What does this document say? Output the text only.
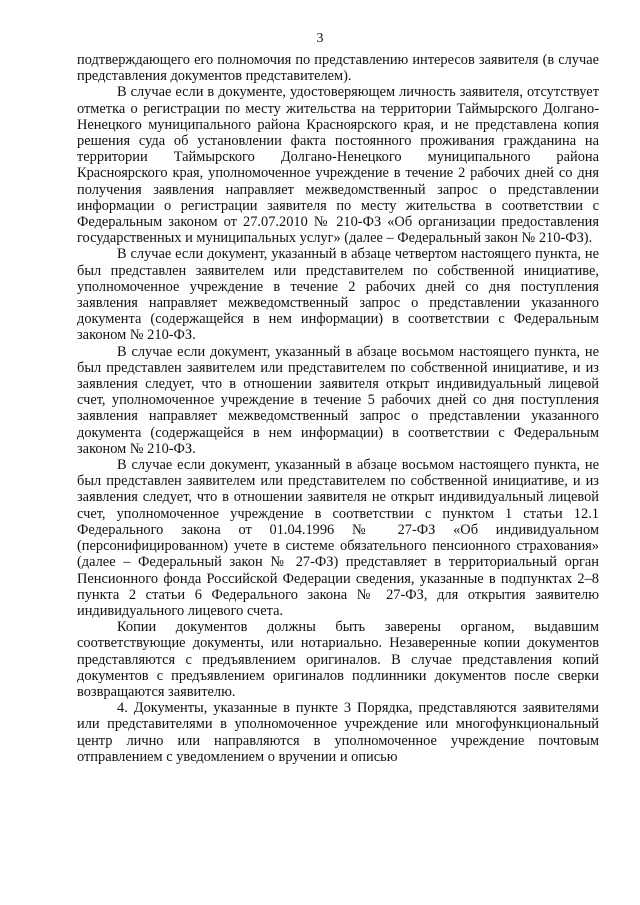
3

подтверждающего его полномочия по представлению интересов заявителя (в случае представления документов представителем).

В случае если в документе, удостоверяющем личность заявителя, отсутствует отметка о регистрации по месту жительства на территории Таймырского Долгано-Ненецкого муниципального района Красноярского края, и не представлена копия решения суда об установлении факта постоянного проживания гражданина на территории Таймырского Долгано-Ненецкого муниципального района Красноярского края, уполномоченное учреждение в течение 2 рабочих дней со дня получения заявления направляет межведомственный запрос о представлении информации о регистрации заявителя по месту жительства в соответствии с Федеральным законом от 27.07.2010 № 210-ФЗ «Об организации предоставления государственных и муниципальных услуг» (далее – Федеральный закон № 210-ФЗ).

В случае если документ, указанный в абзаце четвертом настоящего пункта, не был представлен заявителем или представителем по собственной инициативе, уполномоченное учреждение в течение 2 рабочих дней со дня поступления заявления направляет межведомственный запрос о представлении указанного документа (содержащейся в нем информации) в соответствии с Федеральным законом № 210-ФЗ.

В случае если документ, указанный в абзаце восьмом настоящего пункта, не был представлен заявителем или представителем по собственной инициативе, и из заявления следует, что в отношении заявителя открыт индивидуальный лицевой счет, уполномоченное учреждение в течение 5 рабочих дней со дня поступления заявления направляет межведомственный запрос о представлении указанного документа (содержащейся в нем информации) в соответствии с Федеральным законом № 210-ФЗ.

В случае если документ, указанный в абзаце восьмом настоящего пункта, не был представлен заявителем или представителем по собственной инициативе, и из заявления следует, что в отношении заявителя не открыт индивидуальный лицевой счет, уполномоченное учреждение в соответствии с пунктом 1 статьи 12.1 Федерального закона от 01.04.1996 № 27-ФЗ «Об индивидуальном (персонифицированном) учете в системе обязательного пенсионного страхования» (далее – Федеральный закон № 27-ФЗ) представляет в территориальный орган Пенсионного фонда Российской Федерации сведения, указанные в подпунктах 2–8 пункта 2 статьи 6 Федерального закона № 27-ФЗ, для открытия заявителю индивидуального лицевого счета.

Копии документов должны быть заверены органом, выдавшим соответствующие документы, или нотариально. Незаверенные копии документов представляются с предъявлением оригиналов. В случае представления копий документов с предъявлением оригиналов подлинники документов после сверки возвращаются заявителю.

4. Документы, указанные в пункте 3 Порядка, представляются заявителями или представителями в уполномоченное учреждение или многофункциональный центр лично или направляются в уполномоченное учреждение почтовым отправлением с уведомлением о вручении и описью
